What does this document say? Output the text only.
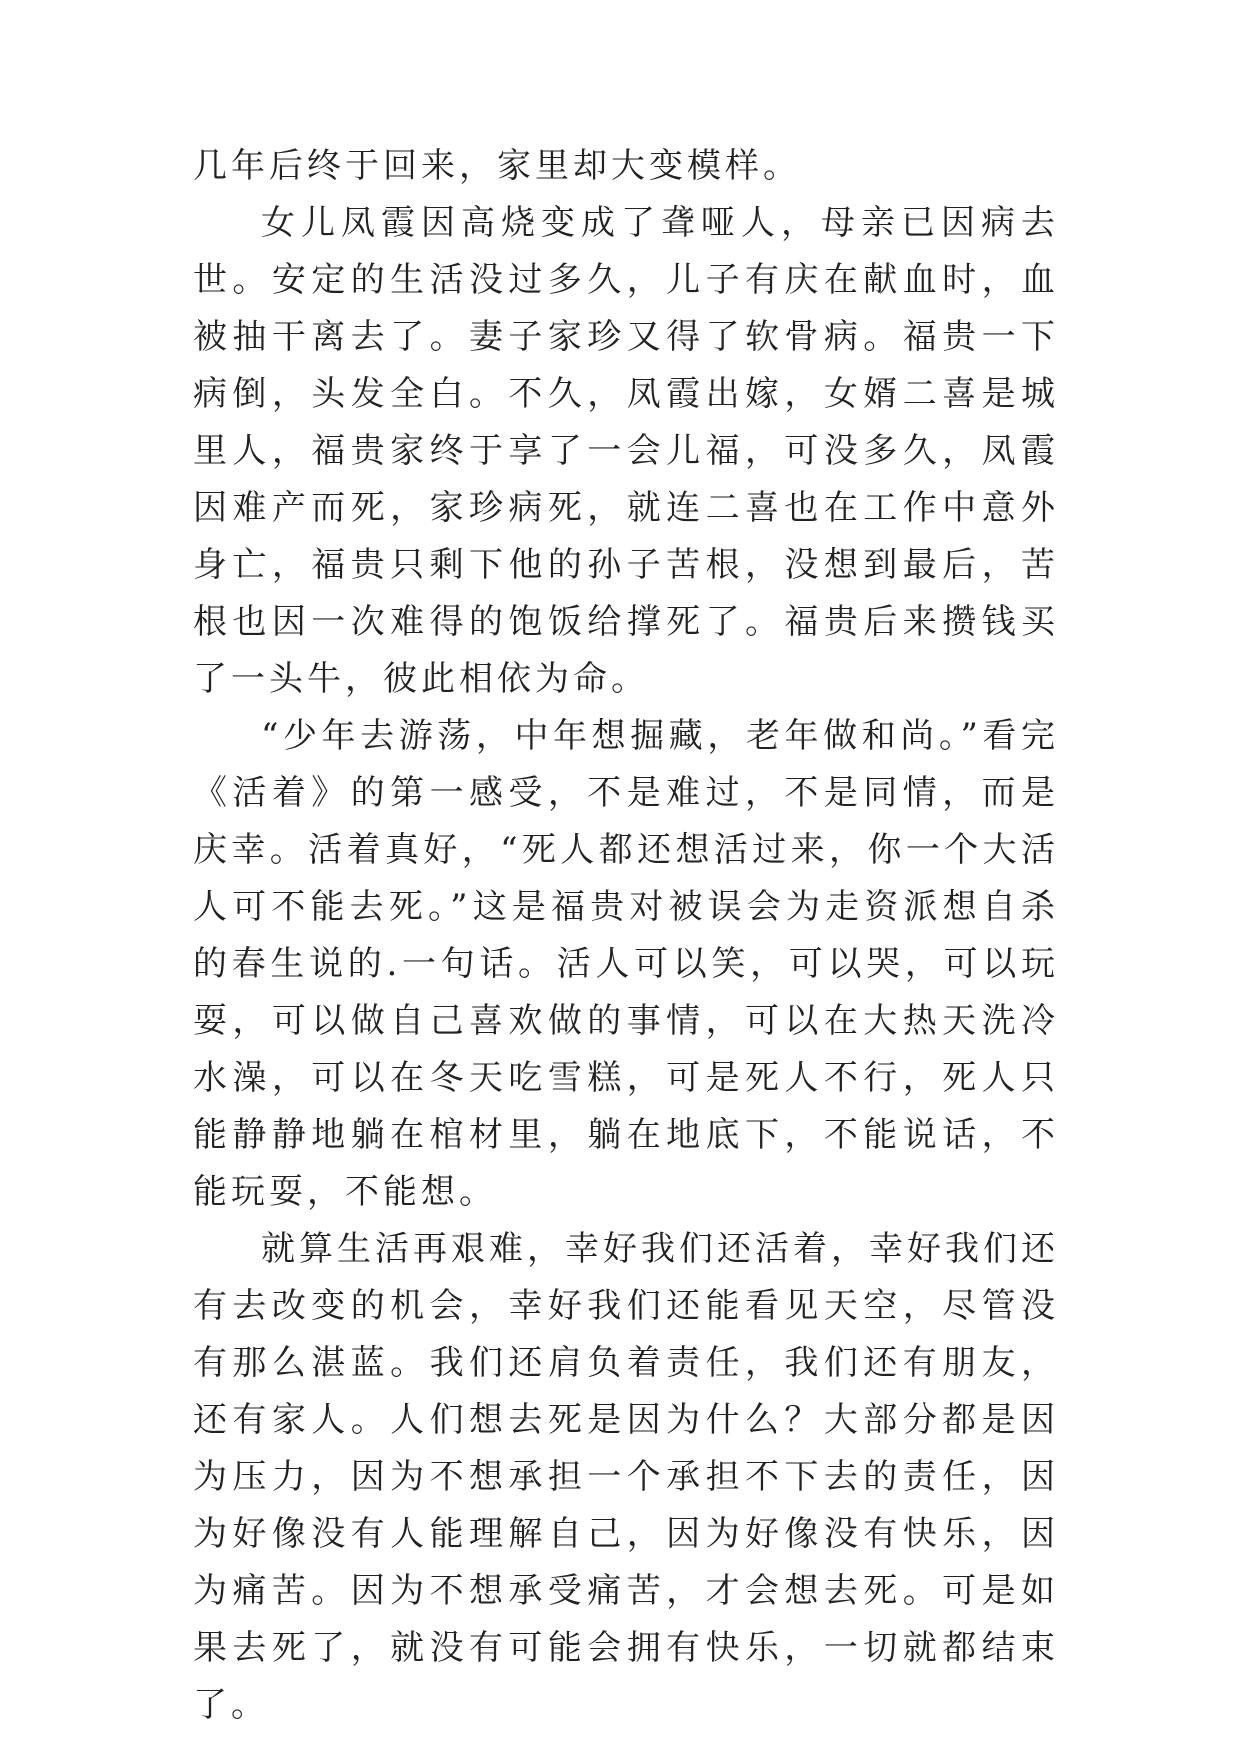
几年后终于回来，家里却大变模样。

女儿凤霞因高烧变成了聋哑人，母亲已因病去世。安定的生活没过多久，儿子有庆在献血时，血被抽干离去了。妻子家珍又得了软骨病。福贵一下病倒，头发全白。不久，凤霞出嫁，女婿二喜是城里人，福贵家终于享了一会儿福，可没多久，凤霞因难产而死，家珍病死，就连二喜也在工作中意外身亡，福贵只剩下他的孙子苦根，没想到最后，苦根也因一次难得的饱饭给撑死了。福贵后来攒钱买了一头牛，彼此相依为命。

“少年去游荡，中年想掘藏，老年做和尚。”看完《活着》的第一感受，不是难过，不是同情，而是庆幸。活着真好，“死人都还想活过来，你一个大活人可不能去死。”这是福贵对被误会为走资派想自杀的春生说的.一句话。活人可以笑，可以哭，可以玩耍，可以做自己喜欢做的事情，可以在大热天洗冷水澡，可以在冬天吃雪糕，可是死人不行，死人只能静静地躺在棺材里，躺在地底下，不能说话，不能玩耍，不能想。

就算生活再艰难，幸好我们还活着，幸好我们还有去改变的机会，幸好我们还能看见天空，尽管没有那么湛蓝。我们还肩负着责任，我们还有朋友，还有家人。人们想去死是因为什么？大部分都是因为压力，因为不想承担一个承担不下去的责任，因为好像没有人能理解自己，因为好像没有快乐，因为痛苦。因为不想承受痛苦，才会想去死。可是如果去死了，就没有可能会拥有快乐，一切就都结束了。
